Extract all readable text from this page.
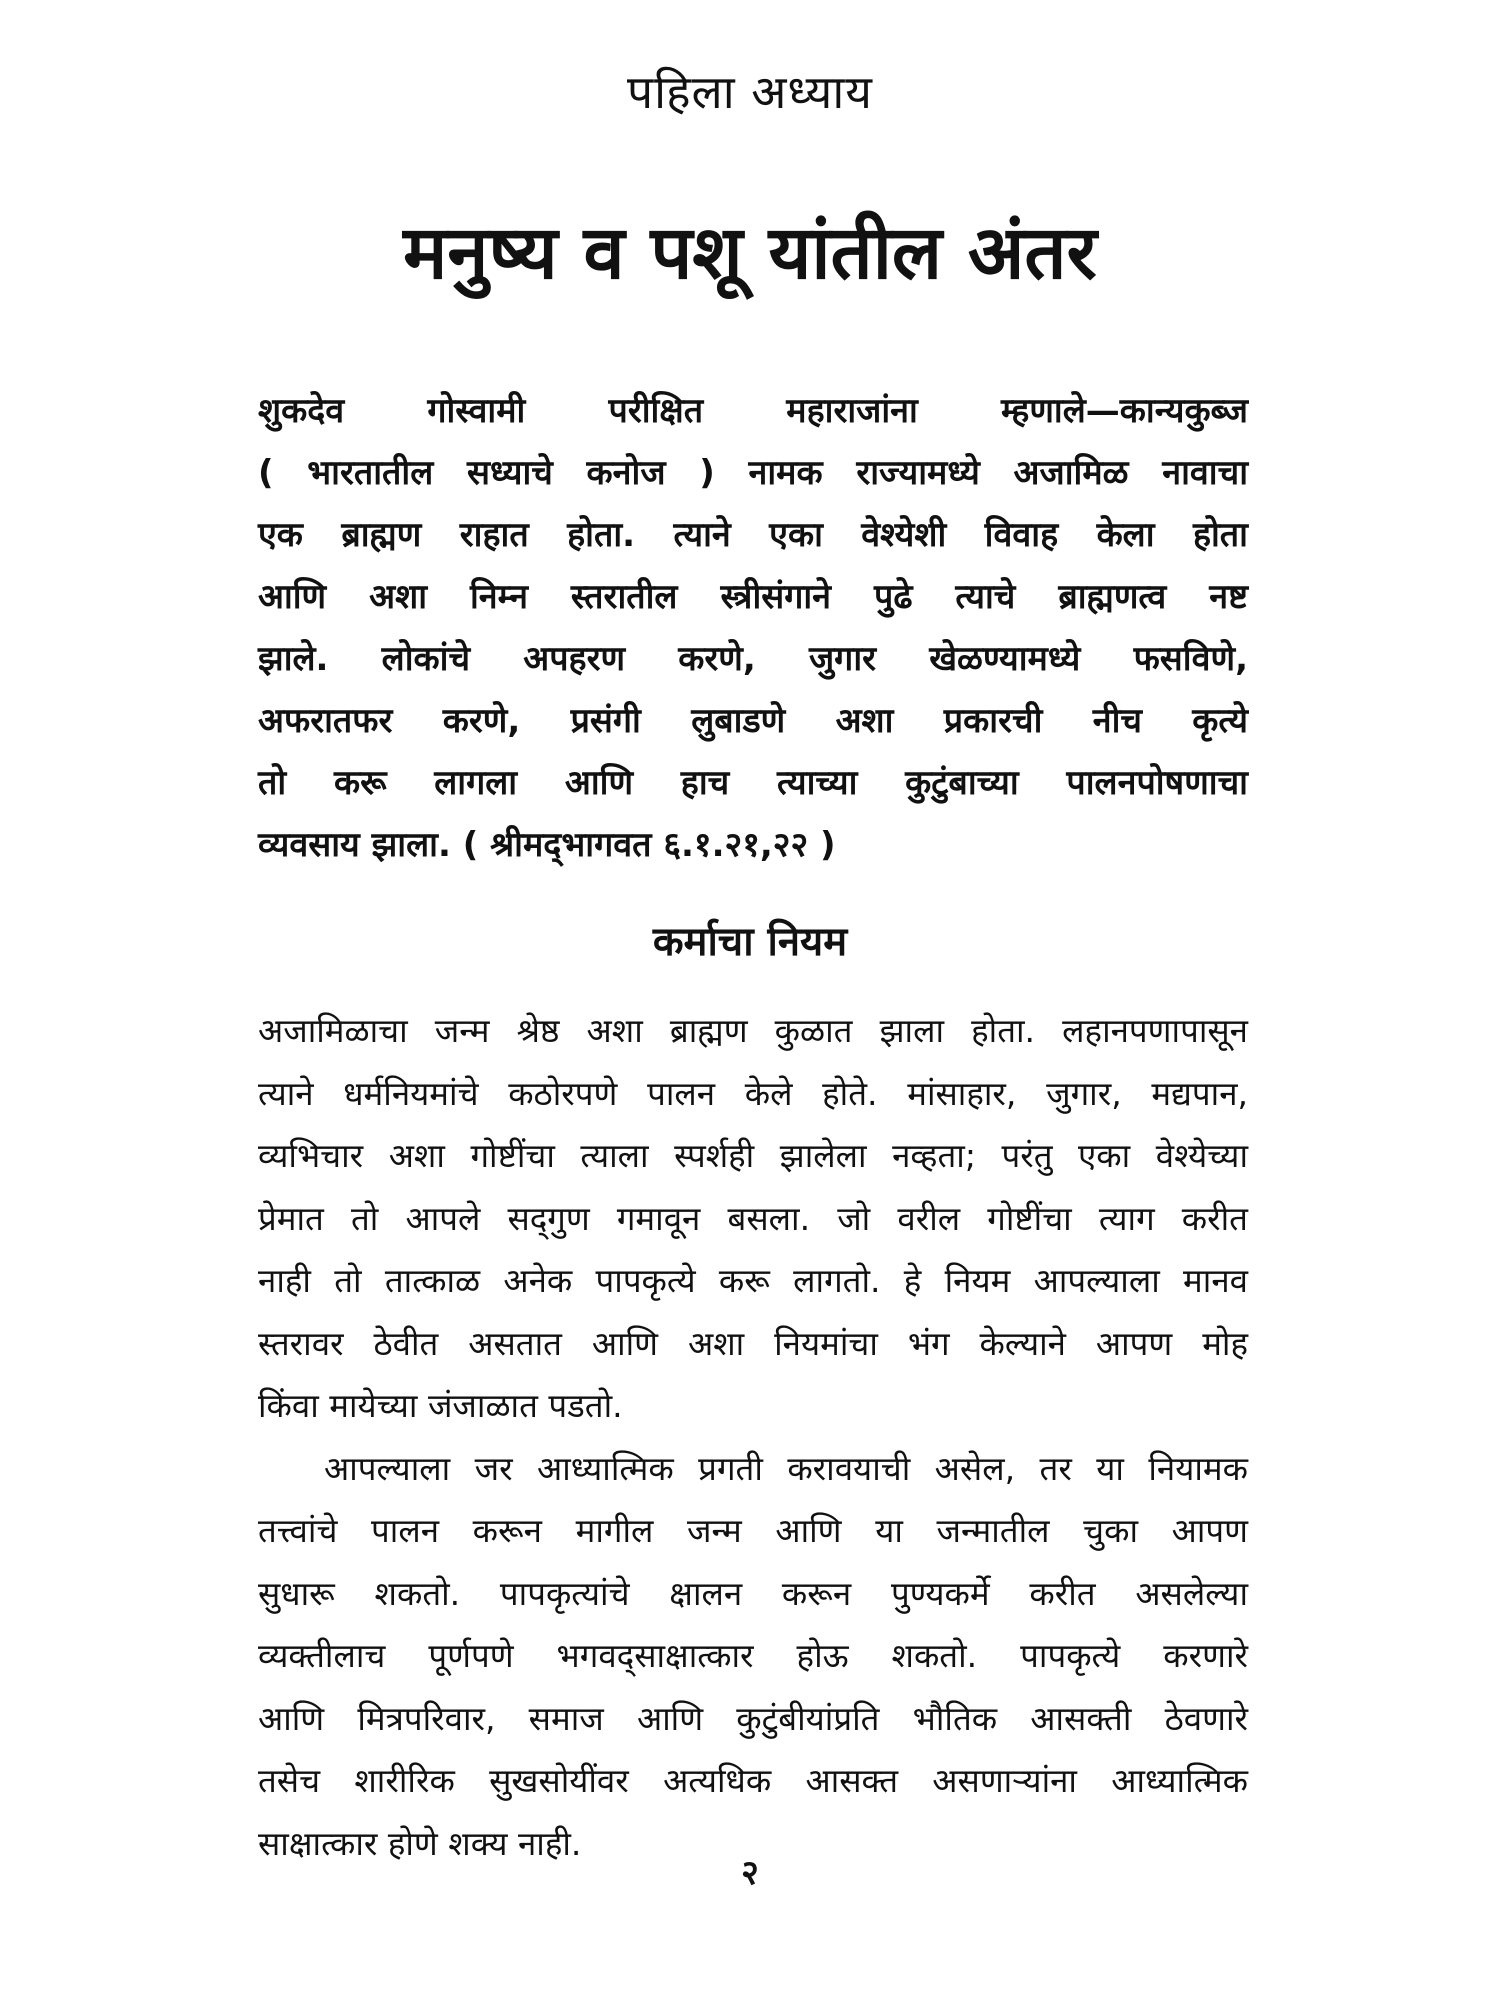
पहिला अध्याय
मनुष्य व पशू यांतील अंतर
शुकदेव गोस्वामी परीक्षित महाराजांना म्हणाले—कान्यकुब्ज
( भारतातील सध्याचे कनोज ) नामक राज्यामध्ये अजामिळ नावाचा
एक ब्राह्मण राहात होता. त्याने एका वेश्येशी विवाह केला होता
आणि अशा निम्न स्तरातील स्त्रीसंगाने पुढे त्याचे ब्राह्मणत्व नष्ट
झाले. लोकांचे अपहरण करणे, जुगार खेळण्यामध्ये फसविणे,
अफरातफर करणे, प्रसंगी लुबाडणे अशा प्रकारची नीच कृत्ये
तो करू लागला आणि हाच त्याच्या कुटुंबाच्या पालनपोषणाचा
व्यवसाय झाला. ( श्रीमद्‌भागवत ६.१.२१,२२ )
कर्माचा नियम
अजामिळाचा जन्म श्रेष्ठ अशा ब्राह्मण कुळात झाला होता. लहानपणापासून
त्याने धर्मनियमांचे कठोरपणे पालन केले होते. मांसाहार, जुगार, मद्यपान,
व्यभिचार अशा गोष्टींचा त्याला स्पर्शही झालेला नव्हता; परंतु एका वेश्येच्या
प्रेमात तो आपले सद्‌गुण गमावून बसला. जो वरील गोष्टींचा त्याग करीत
नाही तो तात्काळ अनेक पापकृत्ये करू लागतो. हे नियम आपल्याला मानव
स्तरावर ठेवीत असतात आणि अशा नियमांचा भंग केल्याने आपण मोह
किंवा मायेच्या जंजाळात पडतो.
आपल्याला जर आध्यात्मिक प्रगती करावयाची असेल, तर या नियामक
तत्त्वांचे पालन करून मागील जन्म आणि या जन्मातील चुका आपण
सुधारू शकतो. पापकृत्यांचे क्षालन करून पुण्यकर्मे करीत असलेल्या
व्यक्तीलाच पूर्णपणे भगवद्‌साक्षात्कार होऊ शकतो. पापकृत्ये करणारे
आणि मित्रपरिवार, समाज आणि कुटुंबीयांप्रति भौतिक आसक्ती ठेवणारे
तसेच शारीरिक सुखसोयींवर अत्यधिक आसक्त असणाऱ्यांना आध्यात्मिक
साक्षात्कार होणे शक्य नाही.
२
